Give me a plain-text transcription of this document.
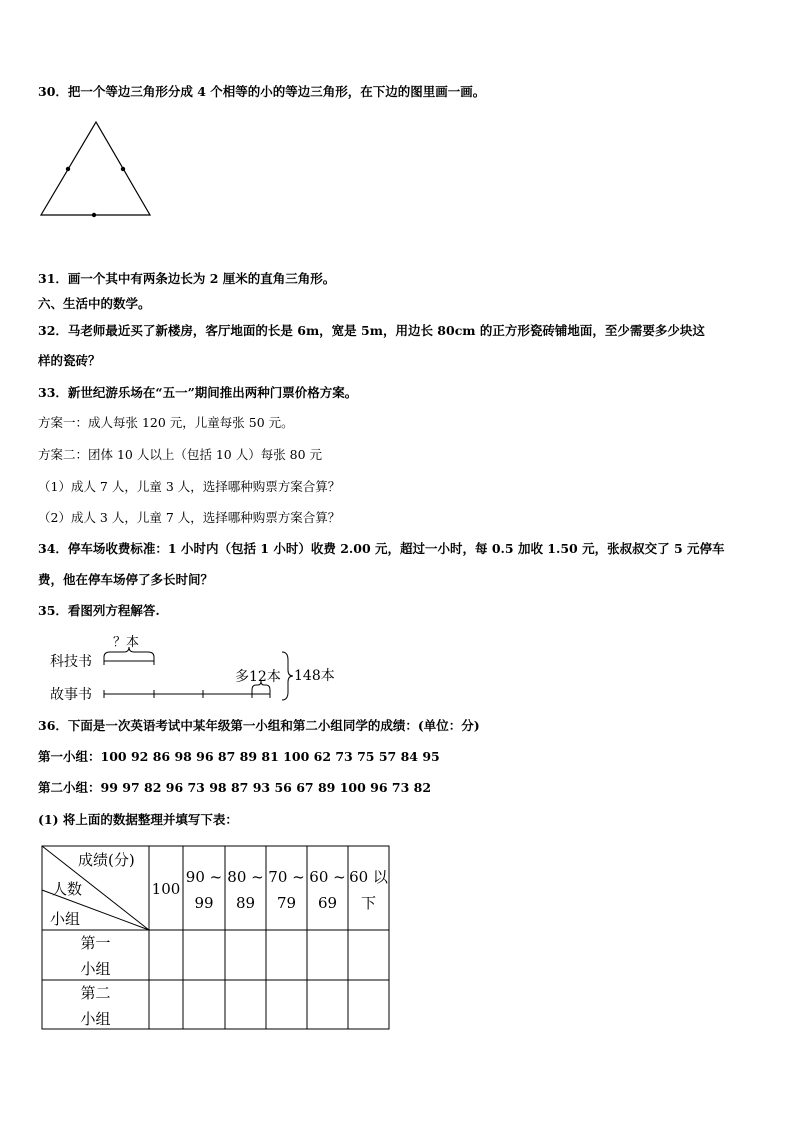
30．把一个等边三角形分成 4 个相等的小的等边三角形，在下边的图里画一画。
31．画一个其中有两条边长为 2 厘米的直角三角形。
六、生活中的数学。
32．马老师最近买了新楼房，客厅地面的长是 6m，宽是 5m，用边长 80cm 的正方形瓷砖铺地面，至少需要多少块这
样的瓷砖？
33．新世纪游乐场在“五一”期间推出两种门票价格方案。
方案一：成人每张 120 元，儿童每张 50 元。
方案二：团体 10 人以上（包括 10 人）每张 80 元
（1）成人 7 人，儿童 3 人，选择哪种购票方案合算？
（2）成人 3 人，儿童 7 人，选择哪种购票方案合算？
34．停车场收费标准：1 小时内（包括 1 小时）收费 2.00 元，超过一小时，每 0.5 加收 1.50 元，张叔叔交了 5 元停车
费，他在停车场停了多长时间？
35．看图列方程解答.
科技书
故事书
？本
多12本 148本
36．下面是一次英语考试中某年级第一小组和第二小组同学的成绩：(单位：分)
第一小组：100 92 86 98 96 87 89 81 100 62 73 75 57 84 95
第二小组：99 97 82 96 73 98 87 93 56 67 89 100 96 73 82
(1) 将上面的数据整理并填写下表：
成绩(分)
人数
小组
100
90 ~
99
80 ~
89
70 ~
79
60 ~
69
60 以
下
第一
小组
第二
小组
